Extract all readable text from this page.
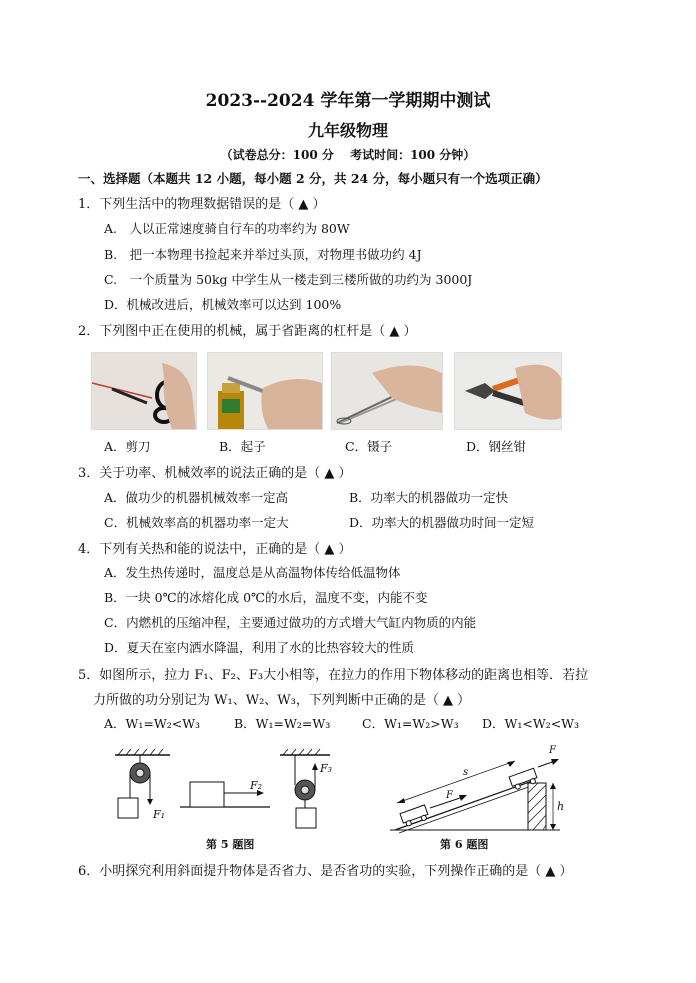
2023--2024 学年第一学期期中测试
九年级物理
（试卷总分：100 分　 考试时间：100 分钟）
一、选择题（本题共 12 小题，每小题 2 分，共 24 分，每小题只有一个选项正确）
1．下列生活中的物理数据错误的是（ ▲ ）
A.　人以正常速度骑自行车的功率约为 80W
B.　把一本物理书捡起来并举过头顶，对物理书做功约 4J
C.　一个质量为 50kg 中学生从一楼走到三楼所做的功约为 3000J
D．机械改进后，机械效率可以达到 100%
2．下列图中正在使用的机械，属于省距离的杠杆是（ ▲ ）
A．剪刀	B．起子	C．镊子	D．钢丝钳
3．关于功率、机械效率的说法正确的是（ ▲ ）
A．做功少的机器机械效率一定高	B．功率大的机器做功一定快
C．机械效率高的机器功率一定大	D．功率大的机器做功时间一定短
4．下列有关热和能的说法中，正确的是（ ▲ ）
A．发生热传递时，温度总是从高温物体传给低温物体
B．一块 0℃的冰熔化成 0℃的水后，温度不变，内能不变
C．内燃机的压缩冲程，主要通过做功的方式增大气缸内物质的内能
D．夏天在室内洒水降温，利用了水的比热容较大的性质
5．如图所示，拉力 F₁、F₂、F₃大小相等，在拉力的作用下物体移动的距离也相等．若拉
力所做的功分别记为 W₁、W₂、W₃，下列判断中正确的是（ ▲ ）
A．W₁=W₂<W₃	B．W₁=W₂=W₃	C．W₁=W₂>W₃ D．W₁<W₂<W₃
F₁
F₂
F₃
第 5 题图
s
h
F
F
第 6 题图
6．小明探究利用斜面提升物体是否省力、是否省功的实验，下列操作正确的是（ ▲ ）
